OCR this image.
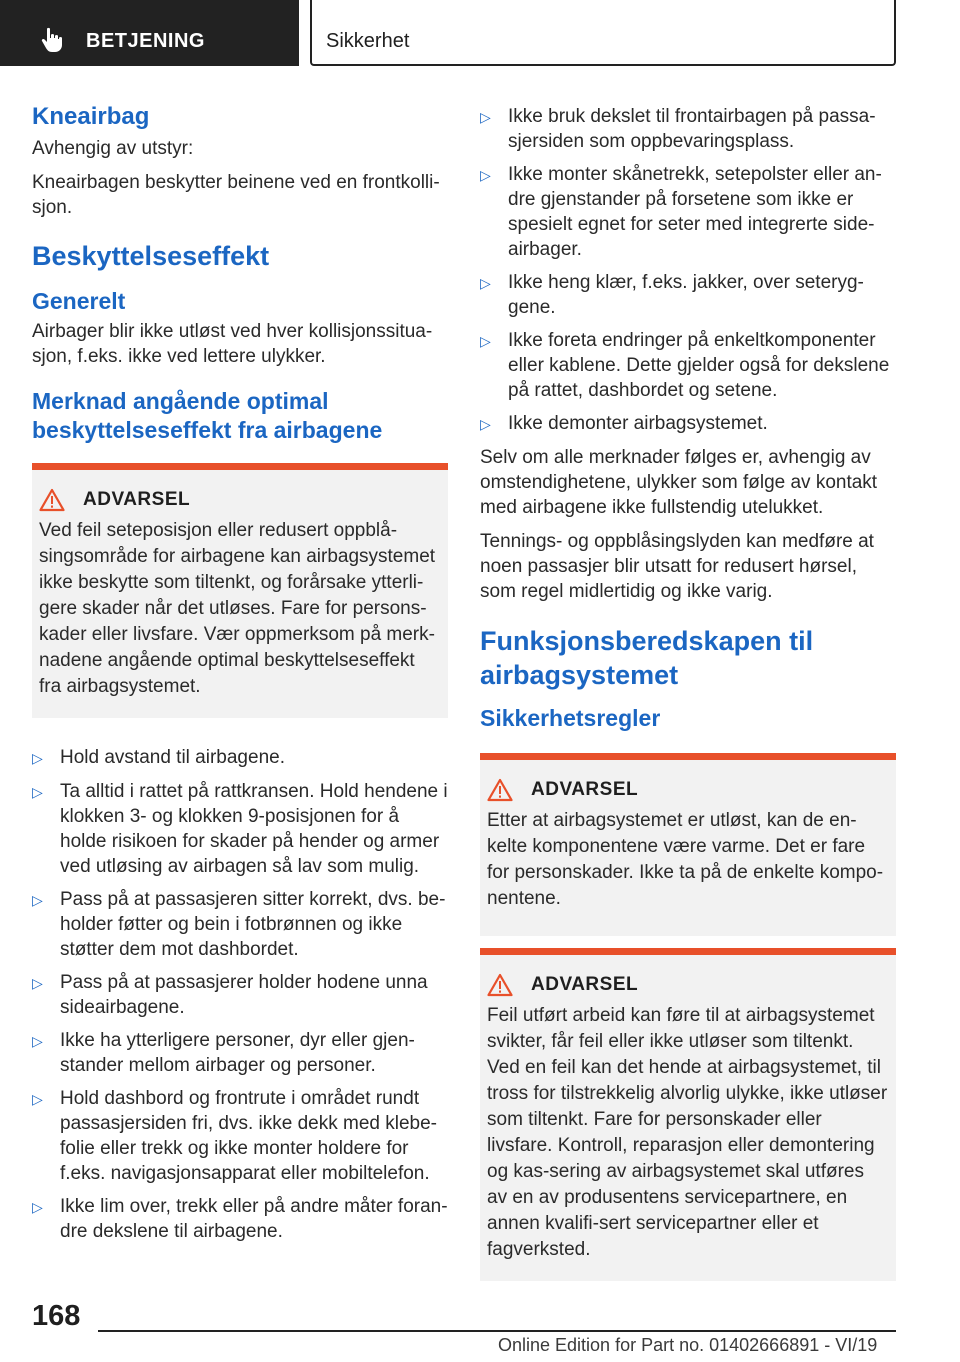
BETJENING	Sikkerhet
Kneairbag
Avhengig av utstyr:
Kneairbagen beskytter beinene ved en frontkolli-sjon.
Beskyttelseseffekt
Generelt
Airbager blir ikke utløst ved hver kollisjonssitua-sjon, f.eks. ikke ved lettere ulykker.
Merknad angående optimal beskyttelseseffekt fra airbagene
ADVARSEL
Ved feil seteposisjon eller redusert oppblå-singsområde for airbagene kan airbagsystemet ikke beskytte som tiltenkt, og forårsake ytterli-gere skader når det utløses. Fare for persons-kader eller livsfare. Vær oppmerksom på merk-nadene angående optimal beskyttelseseffekt fra airbagsystemet.
▷ Hold avstand til airbagene.
▷ Ta alltid i rattet på rattkransen. Hold hendene i klokken 3- og klokken 9-posisjonen for å holde risikoen for skader på hender og armer ved utløsing av airbagen så lav som mulig.
▷ Pass på at passasjeren sitter korrekt, dvs. be-holder føtter og bein i fotbrønnen og ikke støtter dem mot dashbordet.
▷ Pass på at passasjerer holder hodene unna sideairbagene.
▷ Ikke ha ytterligere personer, dyr eller gjen-stander mellom airbager og personer.
▷ Hold dashbord og frontrute i området rundt passasjersiden fri, dvs. ikke dekk med klebe-folie eller trekk og ikke monter holdere for f.eks. navigasjonsapparat eller mobiltelefon.
▷ Ikke lim over, trekk eller på andre måter foran-dre dekslene til airbagene.
▷ Ikke bruk dekslet til frontairbagen på passa-sjersiden som oppbevaringsplass.
▷ Ikke monter skånetrekk, setepolster eller an-dre gjenstander på forsetene som ikke er spesielt egnet for seter med integrerte side-airbager.
▷ Ikke heng klær, f.eks. jakker, over seteryg-gene.
▷ Ikke foreta endringer på enkeltkomponenter eller kablene. Dette gjelder også for dekslene på rattet, dashbordet og setene.
▷ Ikke demonter airbagsystemet.
Selv om alle merknader følges er, avhengig av omstendighetene, ulykker som følge av kontakt med airbagene ikke fullstendig utelukket.
Tennings- og oppblåsingslyden kan medføre at noen passasjer blir utsatt for redusert hørsel, som regel midlertidig og ikke varig.
Funksjonsberedskapen til airbagsystemet
Sikkerhetsregler
ADVARSEL
Etter at airbagsystemet er utløst, kan de en-kelte komponentene være varme. Det er fare for personskader. Ikke ta på de enkelte kompo-nentene.
ADVARSEL
Feil utført arbeid kan føre til at airbagsystemet svikter, får feil eller ikke utløser som tiltenkt. Ved en feil kan det hende at airbagsystemet, til tross for tilstrekkelig alvorlig ulykke, ikke utløser som tiltenkt. Fare for personskader eller livsfare. Kontroll, reparasjon eller demontering og kas-sering av airbagsystemet skal utføres av en av produsentens servicepartnere, en annen kvalifi-sert servicepartner eller et fagverksted.
168
Online Edition for Part no. 01402666891 - VI/19
